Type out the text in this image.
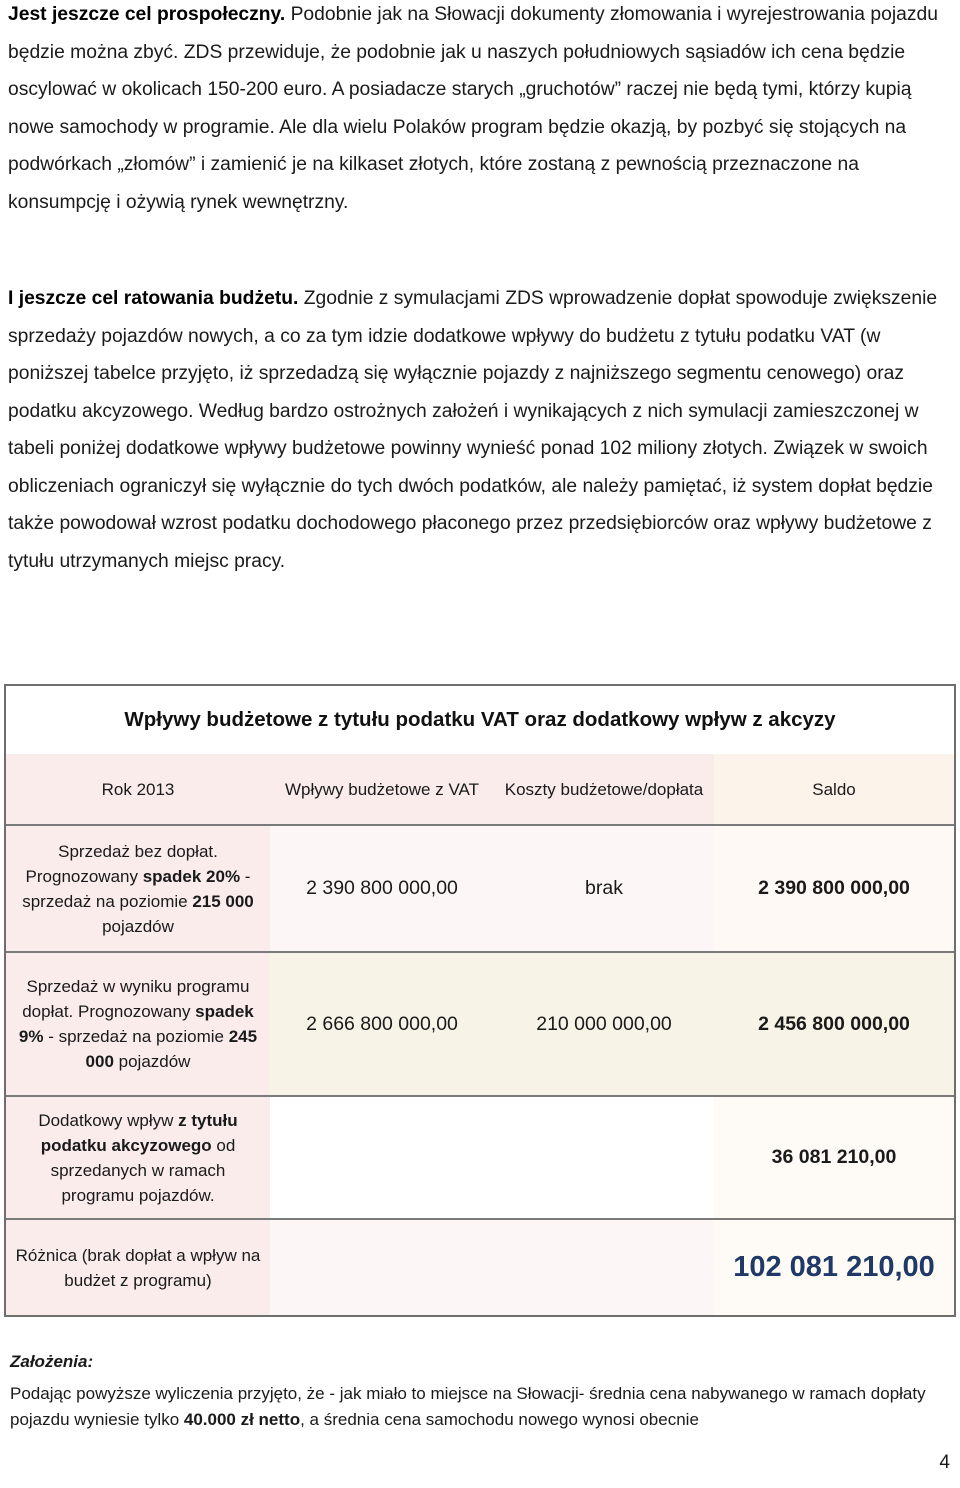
Jest jeszcze cel prospołeczny. Podobnie jak na Słowacji dokumenty złomowania i wyrejestrowania pojazdu będzie można zbyć. ZDS przewiduje, że podobnie jak u naszych południowych sąsiadów ich cena będzie oscylować w okolicach 150-200 euro. A posiadacze starych „gruchotów” raczej nie będą tymi, którzy kupią nowe samochody w programie. Ale dla wielu Polaków program będzie okazją, by pozbyć się stojących na podwórkach „złomów” i zamienić je na kilkaset złotych, które zostaną z pewnością przeznaczone na konsumpcję i ożywią rynek wewnętrzny.

I jeszcze cel ratowania budżetu. Zgodnie z symulacjami ZDS wprowadzenie dopłat spowoduje zwiększenie sprzedaży pojazdów nowych, a co za tym idzie dodatkowe wpływy do budżetu z tytułu podatku VAT (w poniższej tabelce przyjęto, iż sprzedadzą się wyłącznie pojazdy z najniższego segmentu cenowego) oraz podatku akcyzowego. Według bardzo ostrożnych założeń i wynikających z nich symulacji zamieszczonej w tabeli poniżej dodatkowe wpływy budżetowe powinny wynieść ponad 102 miliony złotych. Związek w swoich obliczeniach ograniczył się wyłącznie do tych dwóch podatków, ale należy pamiętać, iż system dopłat będzie także powodował wzrost podatku dochodowego płaconego przez przedsiębiorców oraz wpływy budżetowe z tytułu utrzymanych miejsc pracy.

Wpływy budżetowe z tytułu podatku VAT oraz dodatkowy wpływ z akcyzy
Rok 2013	Wpływy budżetowe z VAT	Koszty budżetowe/dopłata	Saldo
Sprzedaż bez dopłat. Prognozowany spadek 20% - sprzedaż na poziomie 215 000 pojazdów	2 390 800 000,00	brak	2 390 800 000,00
Sprzedaż w wyniku programu dopłat. Prognozowany spadek 9% - sprzedaż na poziomie 245 000 pojazdów	2 666 800 000,00	210 000 000,00	2 456 800 000,00
Dodatkowy wpływ z tytułu podatku akcyzowego od sprzedanych w ramach programu pojazdów.			36 081 210,00
Różnica (brak dopłat a wpływ na budżet z programu)			102 081 210,00
Założenia:
Podając powyższe wyliczenia przyjęto, że - jak miało to miejsce na Słowacji- średnia cena nabywanego w ramach dopłaty pojazdu wyniesie tylko 40.000 zł netto, a średnia cena samochodu nowego wynosi obecnie
4
